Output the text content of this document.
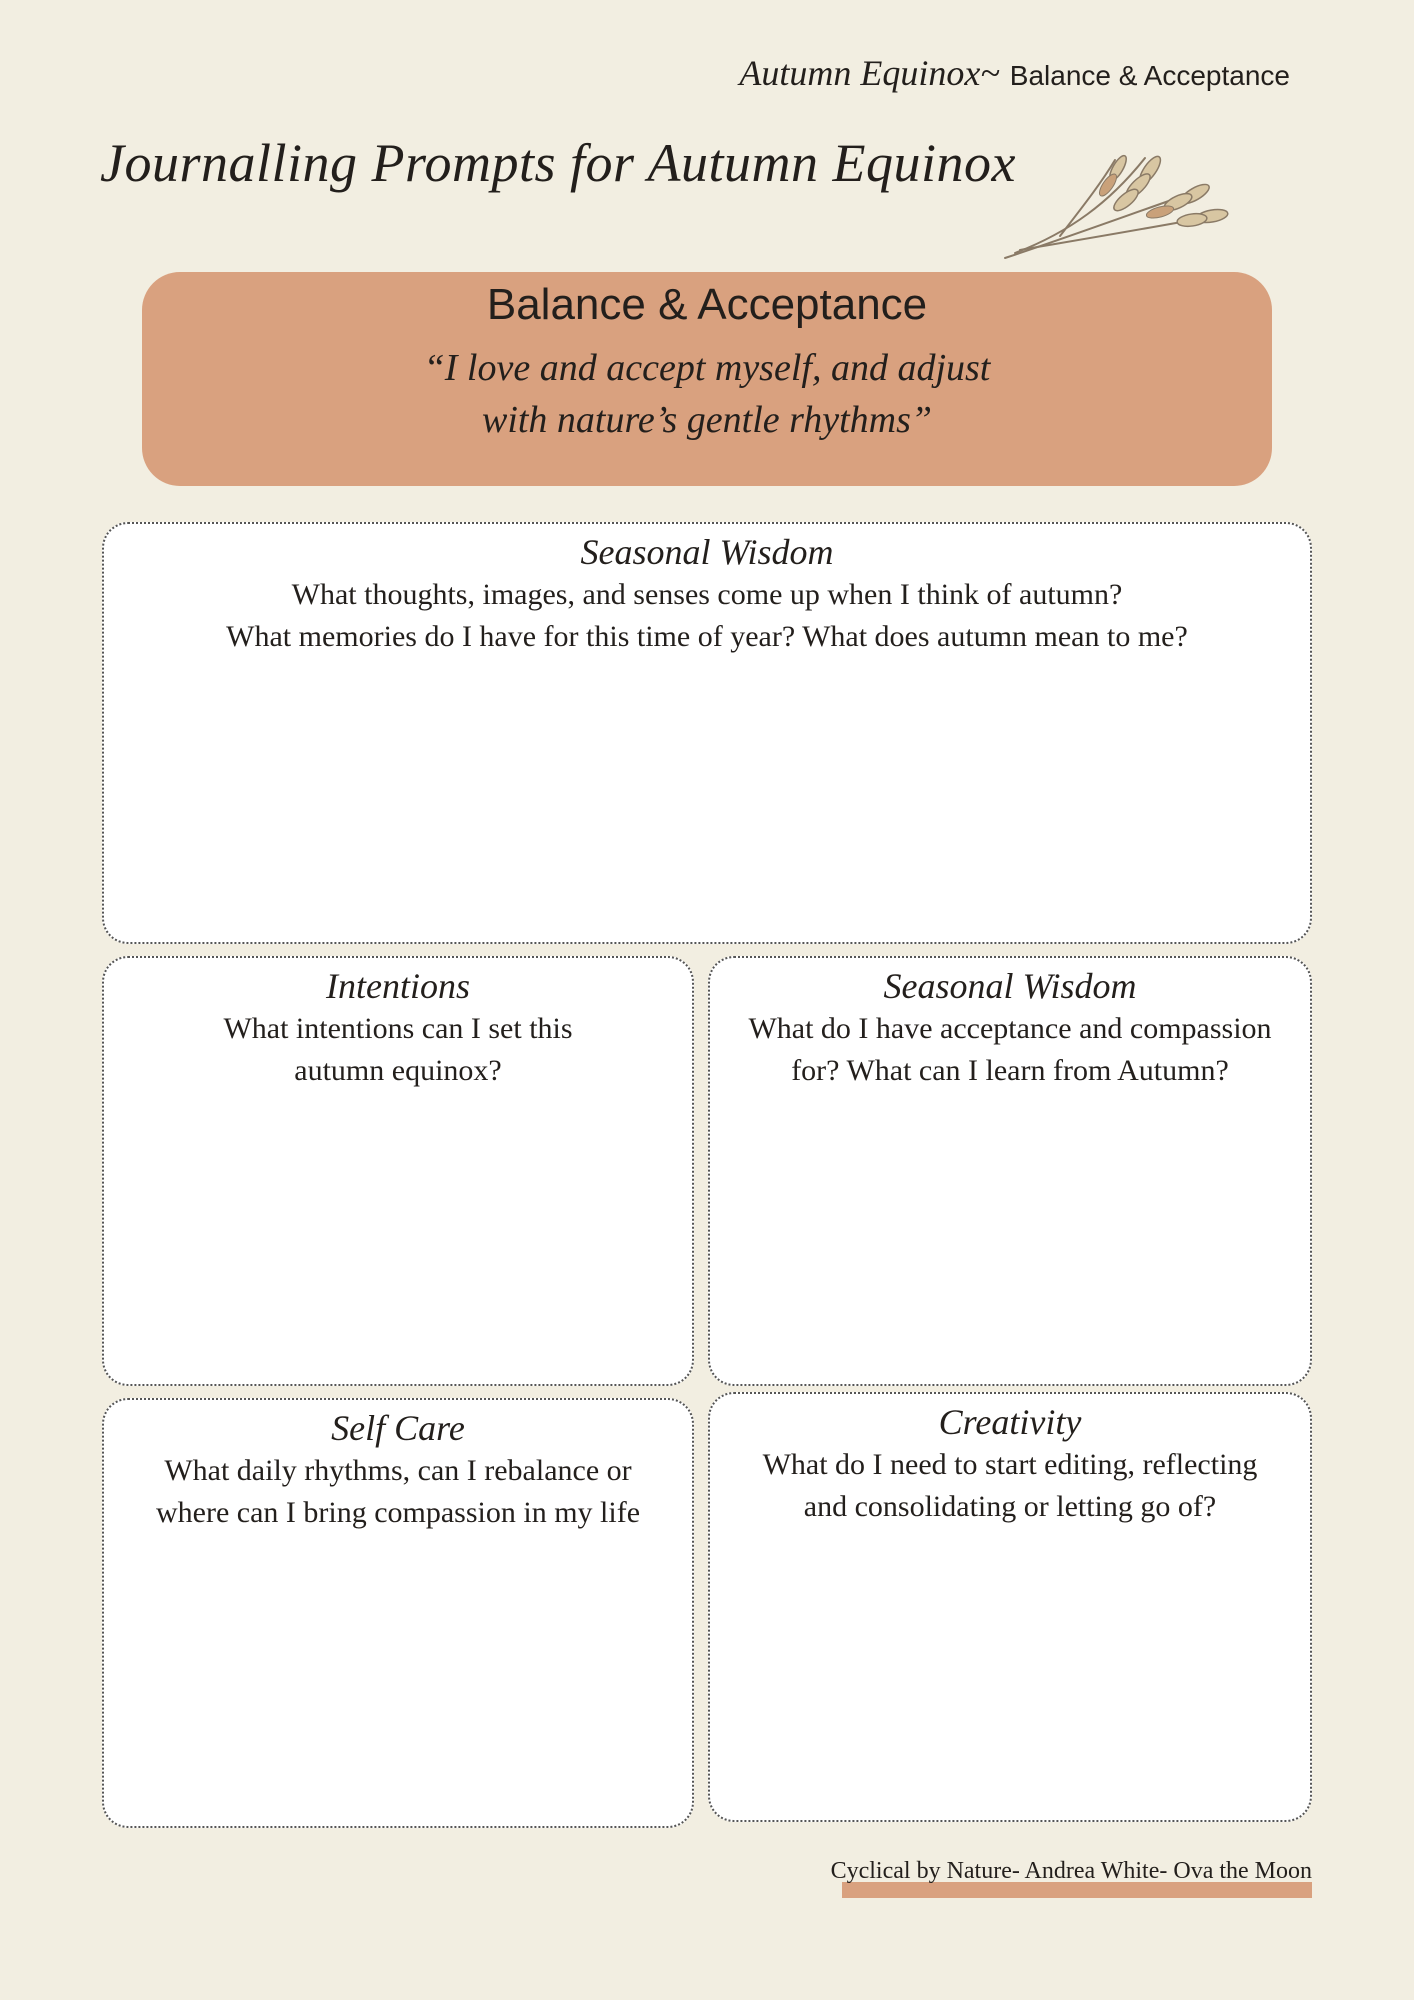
Autumn Equinox~ Balance & Acceptance
Journalling Prompts for Autumn Equinox
Balance & Acceptance
“I love and accept myself, and adjust
with nature’s gentle rhythms”
Seasonal Wisdom
What thoughts, images, and senses come up when I think of autumn?
What memories do I have for this time of year? What does autumn mean to me?
Intentions
What intentions can I set this
autumn equinox?
Seasonal Wisdom
What do I have acceptance and compassion
for? What can I learn from Autumn?
Self Care
What daily rhythms, can I rebalance or
where can I bring compassion in my life
Creativity
What do I need to start editing, reflecting
and consolidating or letting go of?
Cyclical by Nature- Andrea White- Ova the Moon
